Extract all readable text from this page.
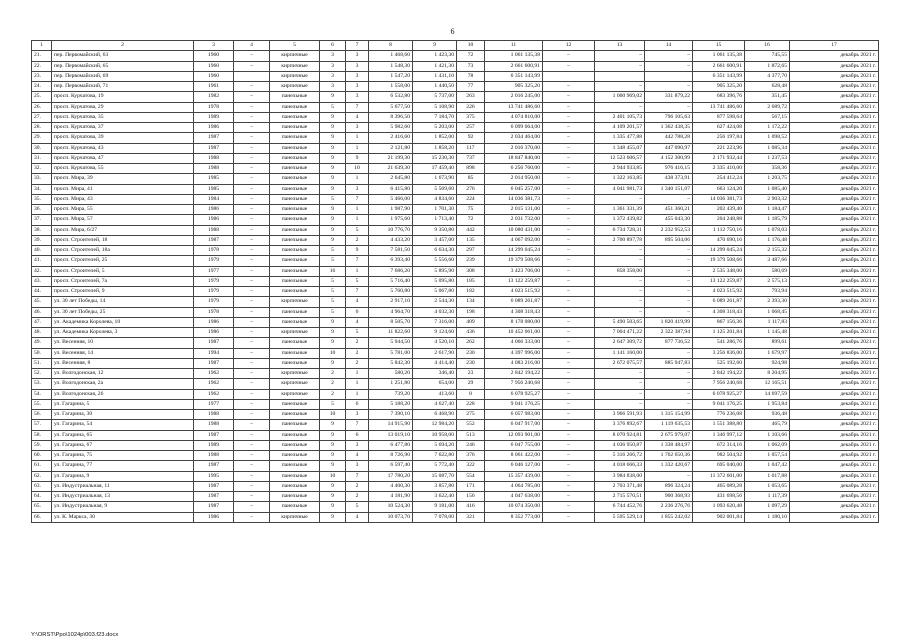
6
1	2	3	4	5	6	7	8	9	10	11	12	13	14	15	16	17
21.	пер. Первомайский, 63	1960	–	кирпичные	3	3	1 468,60	1 423,30	72	1 061 135,38	–	–	–	1 061 135,38	745,55	декабрь 2021 г.
22.	пер. Первомайский, 65	1960	–	кирпичные	3	3	1 548,30	1 421,30	73	2 661 600,91	–	–	–	2 661 600,91	1 872,65	декабрь 2021 г.
23.	пер. Первомайский, 69	1960		кирпичные	3	3	1 547,20	1 431,10	78	6 351 143,99				6 351 143,99	4 377,70	декабрь 2021 г.
24.	пер. Первомайский, 71	1961	–	кирпичные	3	3	1 558,00	1 440,50	77	905 325,20	–	–	–	905 325,20	628,48	декабрь 2021 г.
25.	просп. Курчатова, 19	1982	–	панельные	9	3	6 532,80	5 737,00	263	2 016 245,00	–	1 000 969,02	331 879,22	683 396,76	351,45	декабрь 2021 г.
26.	просп. Курчатова, 29	1978	–	панельные	5	7	5 677,50	5 108,90	226	13 741 486,60	–	–	–	13 741 486,60	2 689,72	декабрь 2021 г.
27.	просп. Курчатова, 35	1989	–	панельные	9	4	8 396,50	7 184,70	375	4 074 810,00	–	2 401 105,73	796 105,63	877 598,64	567,15	декабрь 2021 г.
28.	просп. Курчатова, 37	1986	–	панельные	9	3	5 982,60	5 203,00	257	6 099 064,00	–	4 109 201,57	1 362 438,35	627 424,08	1 172,22	декабрь 2021 г.
29.	просп. Курчатова, 39	1987	–	панельные	9	1	2 416,60	1 852,00	92	2 034 464,00	–	1 335 477,88	442 788,28	256 197,84	1 098,52	декабрь 2021 г.
30.	просп. Курчатова, 43	1987	–	панельные	9	1	2 121,80	1 858,20	117	2 016 370,00	–	1 348 455,07	447 090,97	221 223,96	1 085,34	декабрь 2021 г.
31.	просп. Курчатова, 47	1988	–	панельные	9	9	21 199,30	15 230,30	737	18 847 840,00	–	12 523 606,57	4 152 300,99	2 171 932,44	1 237,53	декабрь 2021 г.
32.	просп. Курчатова, 55	1988	–	панельные	9	10	21 639,30	17 459,40	898	6 256 760,00	–	2 944 933,85	976 416,15	2 335 410,00	358,36	декабрь 2021 г.
33.	просп. Мира, 39	1985	–	панельные	9	1	2 645,80	1 673,90	85	2 014 950,00	–	1 322 163,85	438 373,91	254 412,24	1 203,75	декабрь 2021 г.
34.	просп. Мира, 41	1985	–	панельные	9	3	6 415,80	5 569,60	276	6 045 257,00	–	4 041 981,73	1 340 151,07	663 124,20	1 085,40	декабрь 2021 г.
35.	просп. Мира, 43	1984	–	панельные	5	7	5 466,00	4 834,60	224	14 036 381,73	–	–	–	14 036 381,73	2 903,32	декабрь 2021 г.
36.	просп. Мира, 55	1986	–	панельные	9	1	1 987,90	1 701,30	75	2 015 131,00	–	1 361 331,39	451 360,21	202 439,40	1 184,47	декабрь 2021 г.
37.	просп. Мира, 57	1986	–	панельные	9	1	1 975,60	1 713,40	72	2 031 732,00	–	1 372 439,82	455 043,30	204 248,88	1 185,79	декабрь 2021 г.
38.	просп. Мира, 6/27	1988	–	панельные	9	5	10 776,70	9 350,80	442	10 080 431,00	–	6 734 728,31	2 232 952,53	1 112 750,16	1 078,03	декабрь 2021 г.
39.	просп. Строителей, 18	1987	–	панельные	9	2	4 433,20	3 457,00	135	4 067 092,00	–	2 700 897,78	895 504,06	470 690,16	1 176,48	декабрь 2021 г.
40.	просп. Строителей, 18а	1978	–	панельные	5	9	7 581,50	6 634,30	297	14 299 045,24	–	–	–	14 299 045,24	2 155,32	декабрь 2021 г.
41.	просп. Строителей, 25	1979	–	панельные	5	7	6 393,40	5 556,60	239	19 379 508,66	–	–	–	19 379 508,66	3 487,66	декабрь 2021 г.
42.	просп. Строителей, 5	1977	–	панельные	16	1	7 686,20	5 895,90	308	3 423 706,00	–	858 358,00	–	2 535 348,00	580,69	декабрь 2021 г.
43.	просп. Строителей, 7а	1979	–	панельные	5	5	5 716,40	5 095,80	185	13 122 259,87	–	–	–	13 122 259,87	2 575,13	декабрь 2021 г.
44.	просп. Строителей, 9	1979	–	панельные	5	7	5 760,80	5 067,80	182	4 023 515,92	–	–	–	4 023 515,92	793,94	декабрь 2021 г.
45.	ул. 30 лет Победы, 14	1979	–	кирпичные	5	4	2 917,10	2 544,30	134	6 089 261,87	–	–	–	6 089 261,87	2 393,30	декабрь 2021 г.
46.	ул. 30 лет Победы, 25	1978	–	панельные	5	6	4 964,70	4 032,30	198	4 308 318,43	–	–	–	4 308 318,43	1 068,45	декабрь 2021 г.
47.	ул. Академика Королева, 10	1986	–	панельные	9	4	8 505,70	7 316,00	409	8 178 080,00	–	5 490 503,65	1 820 419,99	867 156,36	1 117,83	декабрь 2021 г.
48.	ул. Академика Королева, 3	1986	–	кирпичные	9	5	11 822,60	9 124,60	436	10 452 061,00	–	7 004 471,22	2 322 387,94	1 125 201,84	1 145,48	декабрь 2021 г.
49.	ул. Весенняя, 10	1987	–	панельные	9	2	5 944,50	4 520,10	262	4 066 333,00	–	2 647 309,72	877 736,52	541 286,76	899,61	декабрь 2021 г.
50.	ул. Весенняя, 14	1994	–	панельные	10	2	5 781,00	2 617,90	230	4 397 996,00	–	1 141 160,00	–	3 256 836,00	1 679,97	декабрь 2021 г.
51.	ул. Весенняя, 8	1987	–	панельные	9	2	5 842,30	4 414,40	230	4 083 216,00	–	2 672 075,57	885 947,83	525 192,60	924,98	декабрь 2021 г.
52.	ул. Волгодонская, 12	1962	–	кирпичные	2	1	580,20	346,40	23	2 842 194,22	–	–	–	2 842 194,22	8 204,95	декабрь 2021 г.
53.	ул. Волгодонская, 2а	1962	–	кирпичные	2	1	1 251,80	654,00	29	7 956 240,68	–	–	–	7 956 240,68	12 165,51	декабрь 2021 г.
54.	ул. Волгодонская, 26	1962	–	кирпичные	2	1	739,20	413,60	8	6 078 925,27	–	–	–	6 078 925,27	14 697,59	декабрь 2021 г.
55.	ул. Гагарина, 5	1977	–	панельные	5	6	5 188,20	4 627,40	228	9 041 176,25	–	–	–	9 041 176,25	1 953,84	декабрь 2021 г.
56.	ул. Гагарина, 30	1988	–	панельные	10	3	7 390,10	6 468,90	275	6 057 983,00	–	3 966 591,93	1 315 154,99	776 236,08	936,48	декабрь 2021 г.
57.	ул. Гагарина, 54	1988	–	панельные	9	7	14 915,90	12 984,20	552	6 047 917,00	–	3 376 892,67	1 119 635,53	1 551 388,80	465,79	декабрь 2021 г.
58.	ул. Гагарина, 65	1987	–	панельные	9	6	13 019,10	10 958,00	513	12 093 901,00	–	8 070 924,81	2 675 979,07	1 346 997,12	1 103,66	декабрь 2021 г.
59.	ул. Гагарина, 67	1989	–	панельные	9	3	6 477,80	5 694,20	246	6 047 755,00	–	4 036 950,87	1 338 484,97	672 314,16	1 062,09	декабрь 2021 г.
60.	ул. Гагарина, 75	1988	–	панельные	9	4	8 726,90	7 622,80	376	8 061 422,00	–	5 316 266,72	1 762 650,36	982 504,92	1 057,54	декабрь 2021 г.
61.	ул. Гагарина, 77	1987	–	панельные	9	3	6 597,40	5 772,40	322	6 046 127,00	–	4 018 666,33	1 332 420,67	695 040,00	1 047,42	декабрь 2021 г.
62.	ул. Гагарина, 9	1995	–	панельные	10	7	17 780,20	15 087,70	554	15 357 439,00	–	3 984 838,00	–	11 372 601,00	1 017,88	декабрь 2021 г.
63.	ул. Индустриальная, 11	1987	–	панельные	9	2	4 400,30	3 857,80	171	4 064 785,00	–	2 703 371,48	896 324,24	465 089,28	1 053,65	декабрь 2021 г.
64.	ул. Индустриальная, 13	1987	–	панельные	9	2	4 181,90	3 622,40	156	4 047 638,00	–	2 715 570,51	900 368,93	431 698,56	1 117,39	декабрь 2021 г.
65.	ул. Индустриальная, 9	1987	–	панельные	9	5	10 524,30	9 181,00	416	10 074 350,00	–	6 744 452,76	2 236 276,76	1 093 620,48	1 097,29	декабрь 2021 г.
66.	ул. К. Маркса, 30	1986	–	кирпичные	9	4	10 073,70	7 078,00	321	8 352 773,00	–	5 595 529,14	1 855 242,02	902 001,84	1 180,10	декабрь 2021 г.
Y:\ORST\Ppo\1024p\003.f23.docx
